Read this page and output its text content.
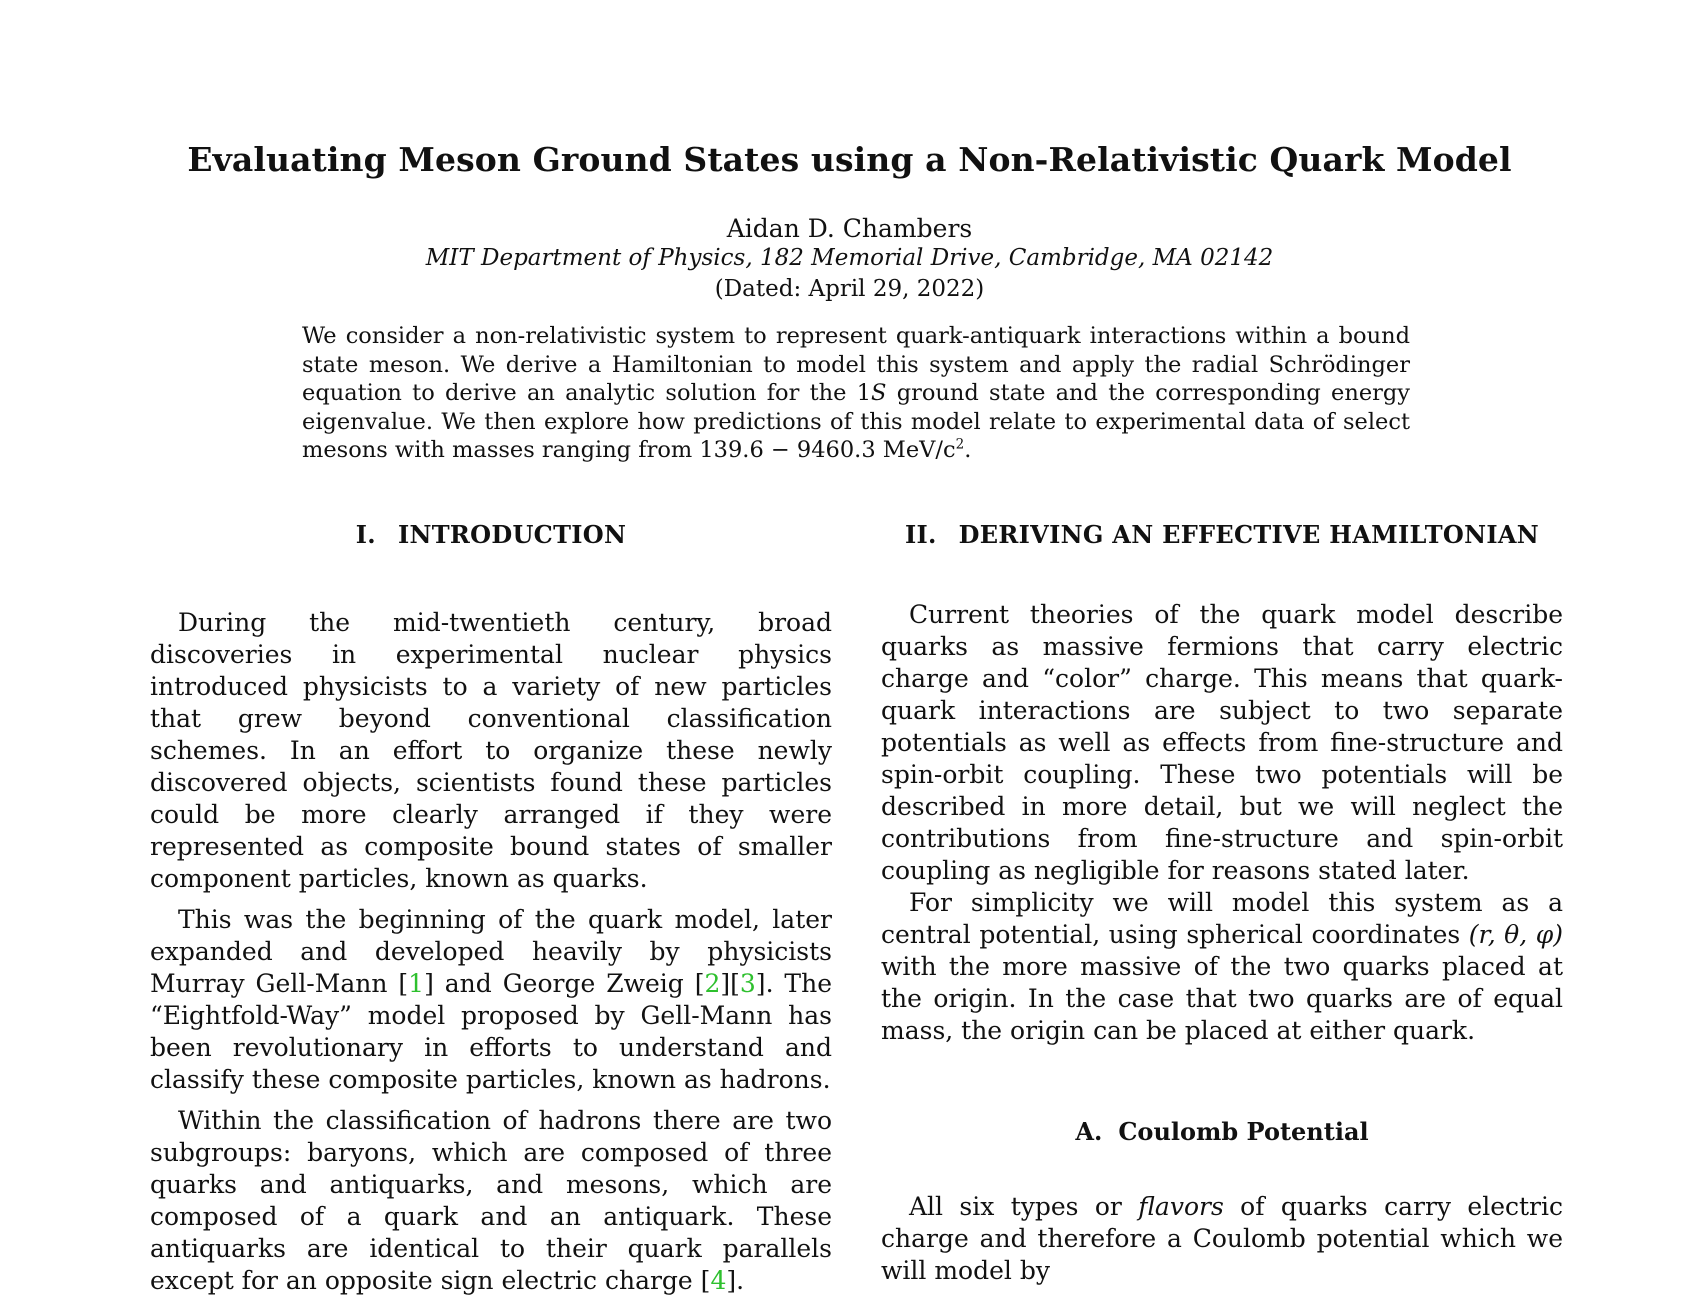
Evaluating Meson Ground States using a Non-Relativistic Quark Model
Aidan D. Chambers
MIT Department of Physics, 182 Memorial Drive, Cambridge, MA 02142
(Dated: April 29, 2022)

We consider a non-relativistic system to represent quark-antiquark interactions within a bound state meson. We derive a Hamiltonian to model this system and apply the radial Schrödinger equation to derive an analytic solution for the 1S ground state and the corresponding energy eigenvalue. We then explore how predictions of this model relate to experimental data of select mesons with masses ranging from 139.6 − 9460.3 MeV/$c^2$.

I. INTRODUCTION

During the mid-twentieth century, broad discoveries in experimental nuclear physics introduced physicists to a variety of new particles that grew beyond conventional classification schemes. In an effort to organize these newly discovered objects, scientists found these particles could be more clearly arranged if they were represented as composite bound states of smaller component particles, known as quarks.

This was the beginning of the quark model, later expanded and developed heavily by physicists Murray Gell-Mann [1] and George Zweig [2][3]. The “Eightfold-Way” model proposed by Gell-Mann has been revolutionary in efforts to understand and classify these composite particles, known as hadrons.

Within the classification of hadrons there are two subgroups: baryons, which are composed of three quarks and antiquarks, and mesons, which are composed of a quark and an antiquark. These antiquarks are identical to their quark parallels except for an opposite sign electric charge [4].

II. DERIVING AN EFFECTIVE HAMILTONIAN

Current theories of the quark model describe quarks as massive fermions that carry electric charge and “color” charge. This means that quark-quark interactions are subject to two separate potentials as well as effects from fine-structure and spin-orbit coupling. These two potentials will be described in more detail, but we will neglect the contributions from fine-structure and spin-orbit coupling as negligible for reasons stated later.

For simplicity we will model this system as a central potential, using spherical coordinates (r, θ, φ) with the more massive of the two quarks placed at the origin. In the case that two quarks are of equal mass, the origin can be placed at either quark.

A. Coulomb Potential

All six types or flavors of quarks carry electric charge and therefore a Coulomb potential which we will model by
